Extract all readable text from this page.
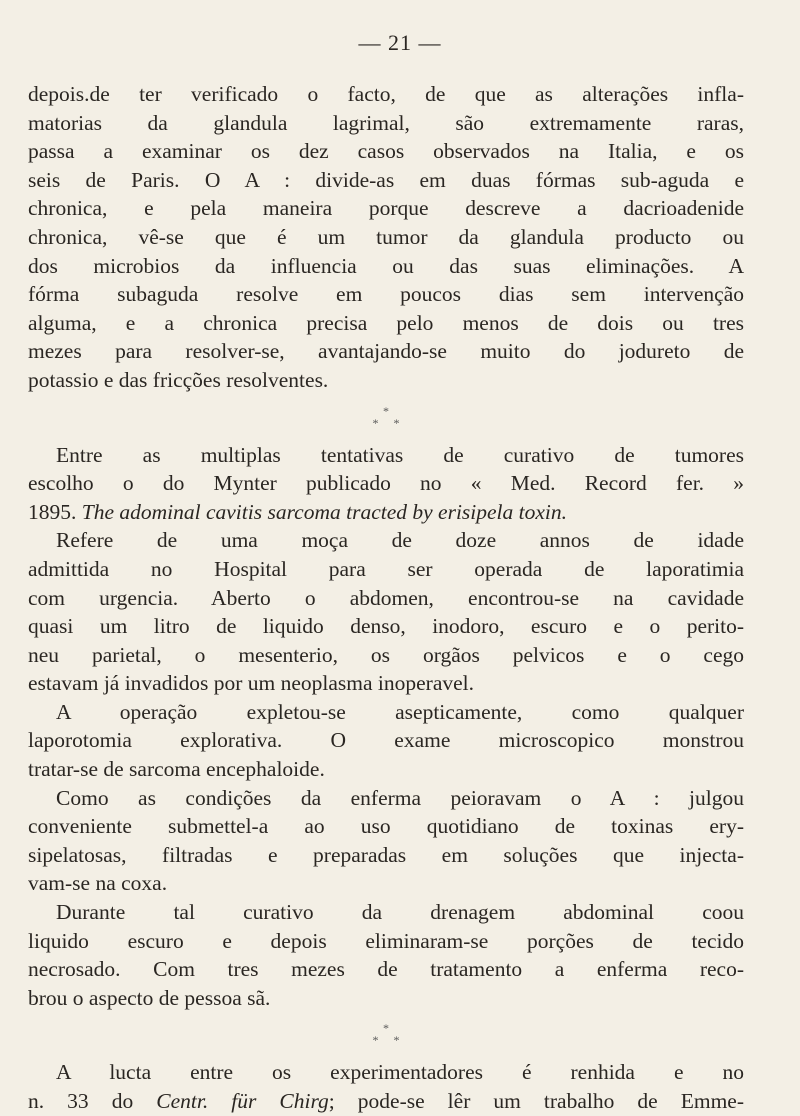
— 21 —
depois.de ter verificado o facto, de que as alterações infla-
matorias da glandula lagrimal, são extremamente raras,
passa a examinar os dez casos observados na Italia, e os
seis de Paris. O A : divide-as em duas fórmas sub-aguda e
chronica, e pela maneira porque descreve a dacrioadenide
chronica, vê-se que é um tumor da glandula producto ou
dos microbios da influencia ou das suas eliminações. A
fórma subaguda resolve em poucos dias sem intervenção
alguma, e a chronica precisa pelo menos de dois ou tres
mezes para resolver-se, avantajando-se muito do jodureto de
potassio e das fricções resolventes.
*
* *
Entre as multiplas tentativas de curativo de tumores
escolho o do Mynter publicado no « Med. Record fer. »
1895. The adominal cavitis sarcoma tracted by erisipela toxin.
Refere de uma moça de doze annos de idade
admittida no Hospital para ser operada de laporatimia
com urgencia. Aberto o abdomen, encontrou-se na cavidade
quasi um litro de liquido denso, inodoro, escuro e o perito-
neu parietal, o mesenterio, os orgãos pelvicos e o cego
estavam já invadidos por um neoplasma inoperavel.
A operação expletou-se asepticamente, como qualquer
laporotomia explorativa. O exame microscopico monstrou
tratar-se de sarcoma encephaloide.
Como as condições da enferma peioravam o A : julgou
conveniente submettel-a ao uso quotidiano de toxinas ery-
sipelatosas, filtradas e preparadas em soluções que injecta-
vam-se na coxa.
Durante tal curativo da drenagem abdominal coou
liquido escuro e depois eliminaram-se porções de tecido
necrosado. Com tres mezes de tratamento a enferma reco-
brou o aspecto de pessoa sã.
*
* *
A lucta entre os experimentadores é renhida e no
n. 33 do Centr. für Chirg; pode-se lêr um trabalho de Emme-
